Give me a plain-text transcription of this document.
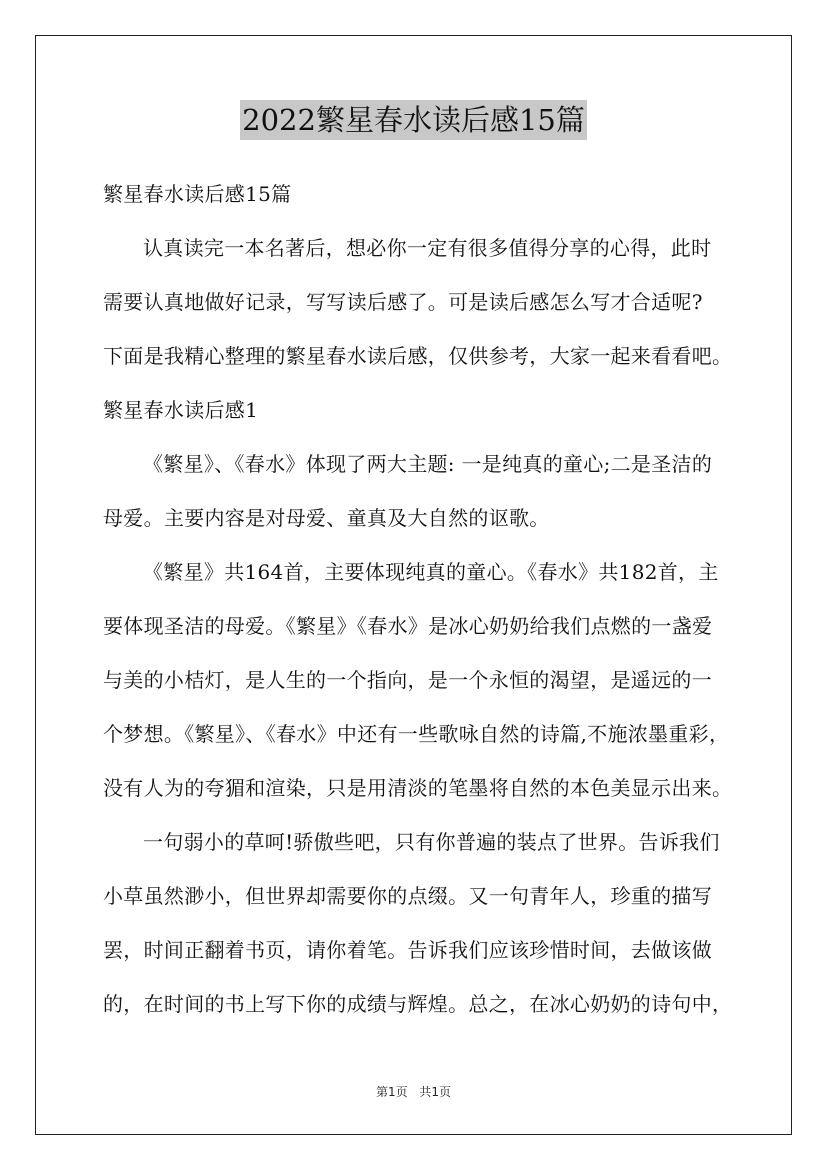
2022繁星春水读后感15篇
繁星春水读后感15篇
认真读完一本名著后，想必你一定有很多值得分享的心得，此时
需要认真地做好记录，写写读后感了。可是读后感怎么写才合适呢?
下面是我精心整理的繁星春水读后感，仅供参考，大家一起来看看吧。
繁星春水读后感1
《繁星》、《春水》体现了两大主题: 一是纯真的童心;二是圣洁的
母爱。主要内容是对母爱、童真及大自然的讴歌。
《繁星》共164首，主要体现纯真的童心。《春水》共182首，主
要体现圣洁的母爱。《繁星》《春水》是冰心奶奶给我们点燃的一盏爱
与美的小桔灯，是人生的一个指向，是一个永恒的渴望，是遥远的一
个梦想。《繁星》、《春水》中还有一些歌咏自然的诗篇,不施浓墨重彩，
没有人为的夸猸和渲染，只是用清淡的笔墨将自然的本色美显示出来。
一句弱小的草呵!骄傲些吧，只有你普遍的装点了世界。告诉我们
小草虽然渺小，但世界却需要你的点缀。又一句青年人，珍重的描写
罢，时间正翻着书页，请你着笔。告诉我们应该珍惜时间，去做该做
的，在时间的书上写下你的成绩与辉煌。总之，在冰心奶奶的诗句中，
第1页 共1页
